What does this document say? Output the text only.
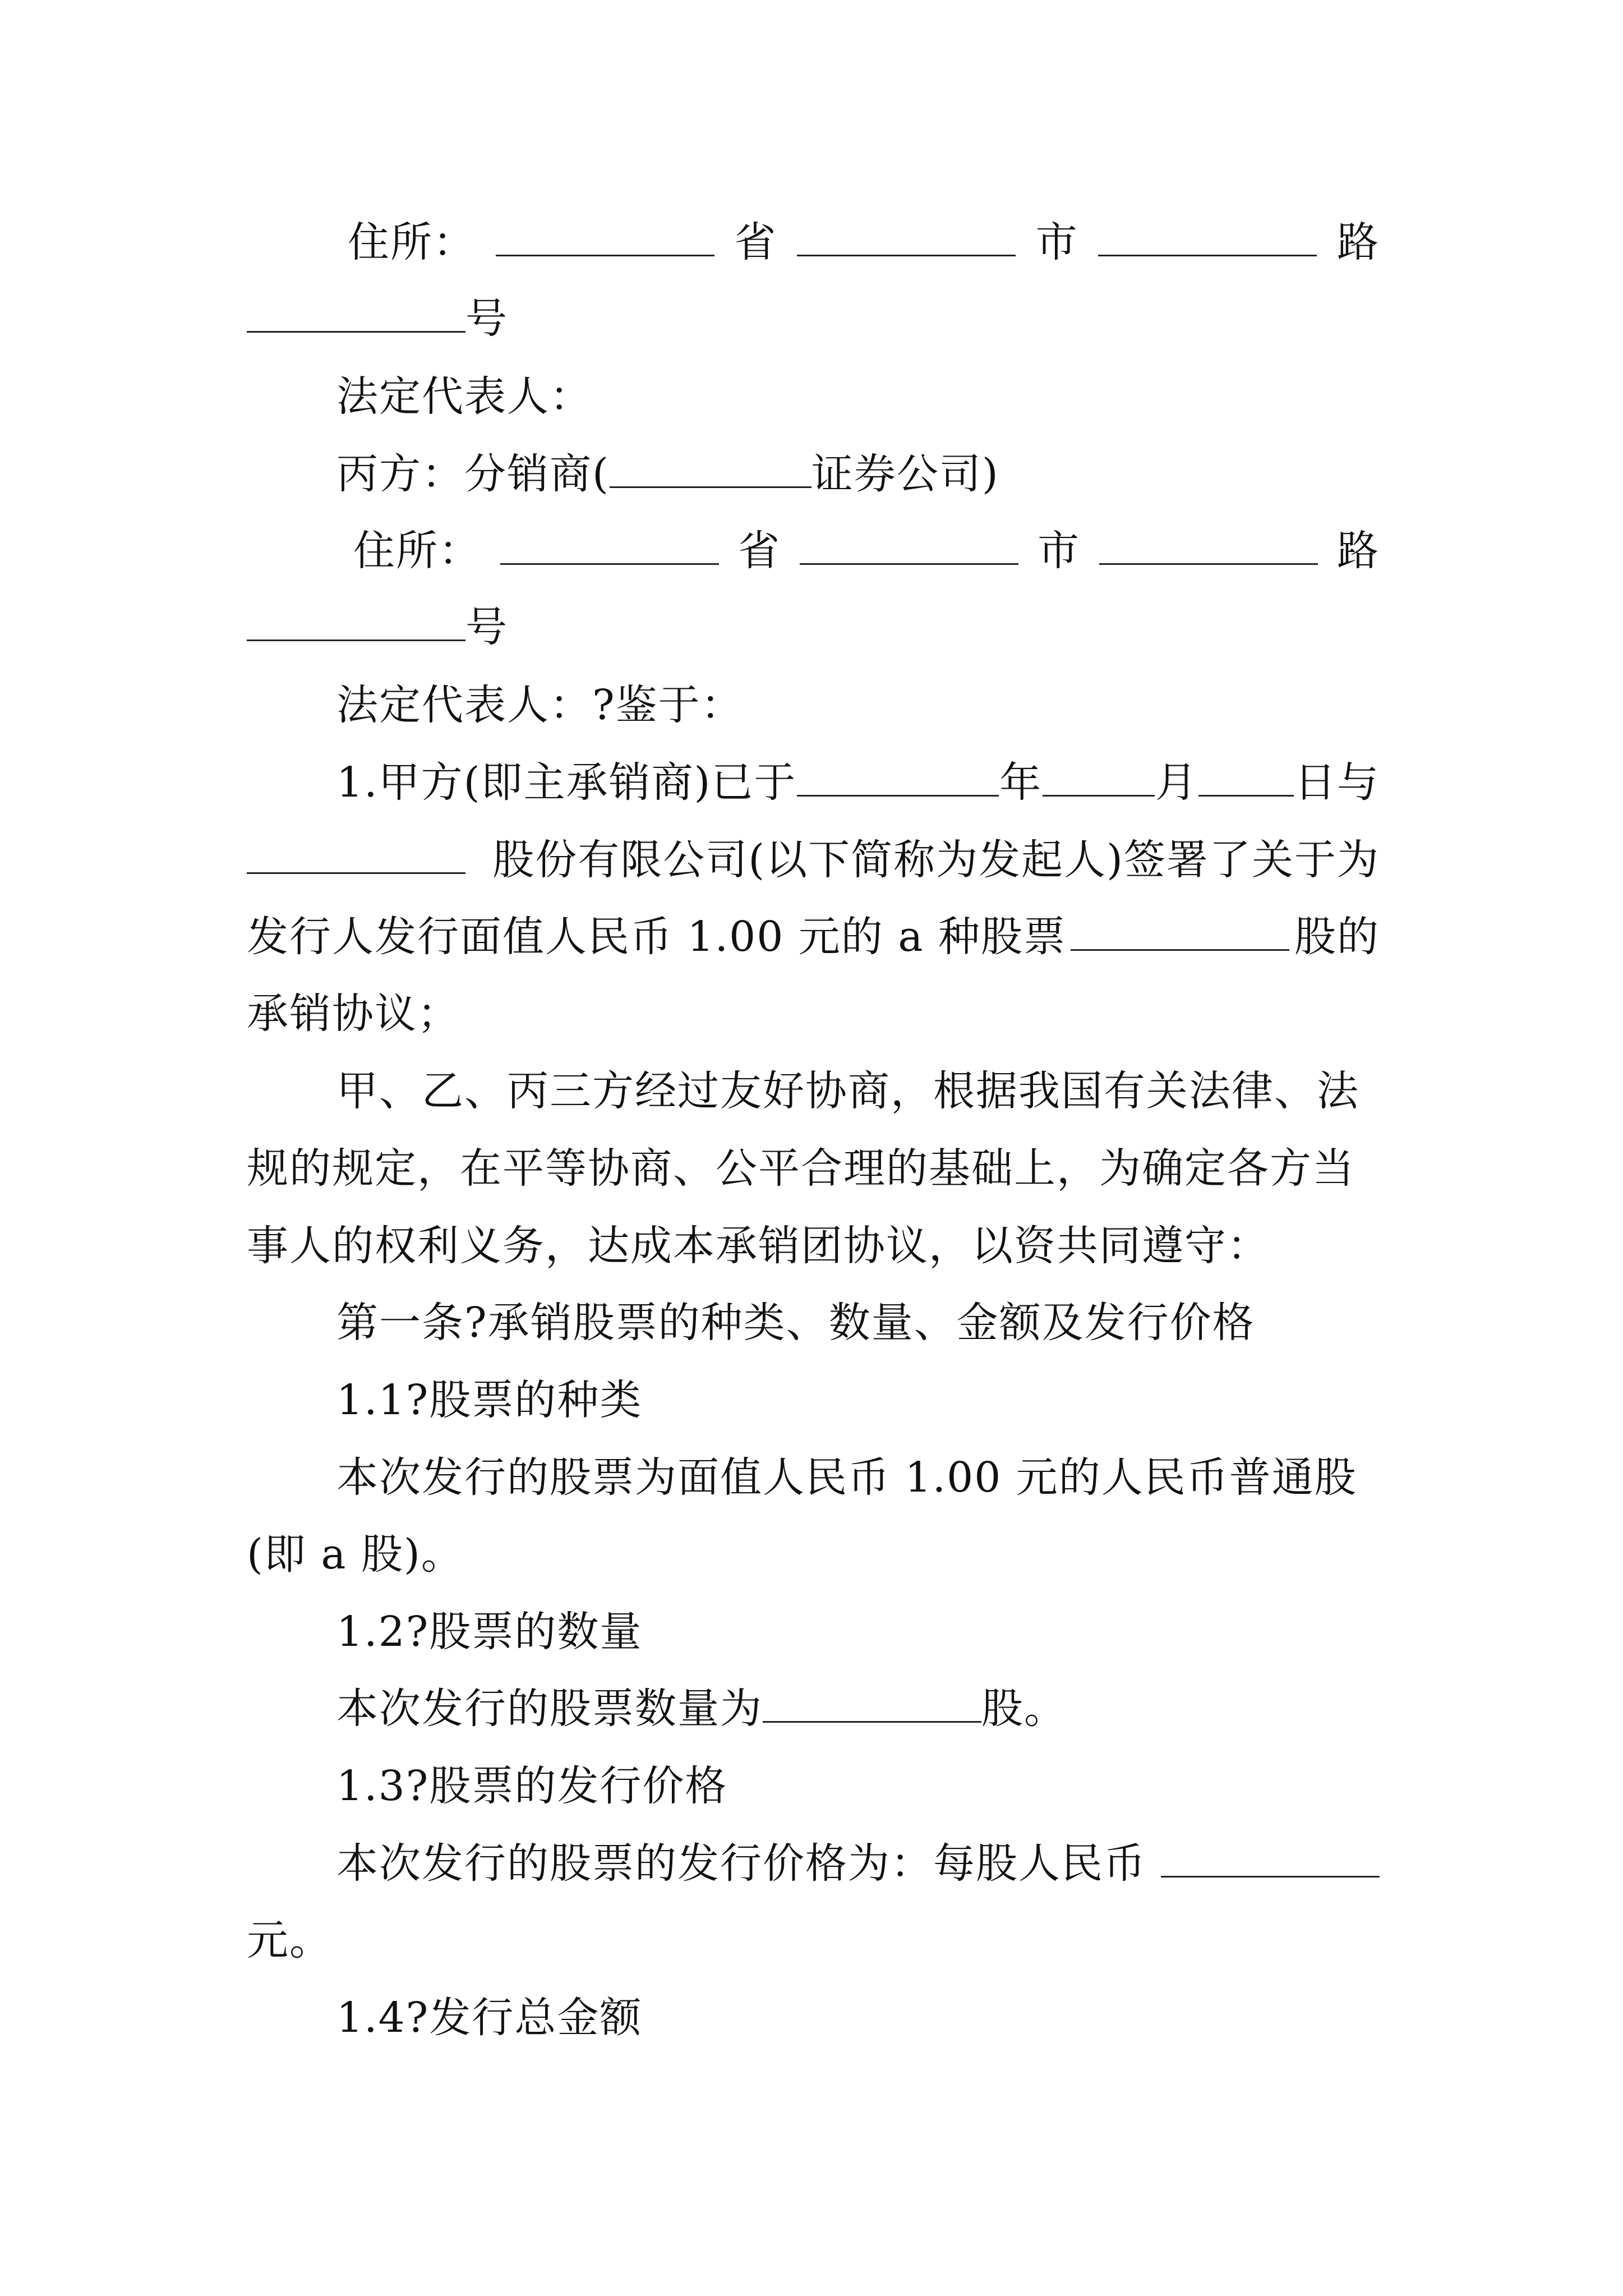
住所：	省	市	路
号
法定代表人：
丙方：分销商(	证券公司)
住所：	省	市	路
号
法定代表人：?鉴于：
1.甲方(即主承销商)已于	年	月 日与
股份有限公司(以下简称为发起人)签署了关于为
发行人发行面值人民币 1.00 元的 a 种股票	股的
承销协议；
甲、乙、丙三方经过友好协商，根据我国有关法律、法
规的规定，在平等协商、公平合理的基础上，为确定各方当
事人的权利义务，达成本承销团协议，以资共同遵守：
第一条?承销股票的种类、数量、金额及发行价格
1.1?股票的种类
本次发行的股票为面值人民币 1.00 元的人民币普通股
(即 a 股)。
1.2?股票的数量
本次发行的股票数量为	股。
1.3?股票的发行价格
本次发行的股票的发行价格为：每股人民币
元。
1.4?发行总金额
